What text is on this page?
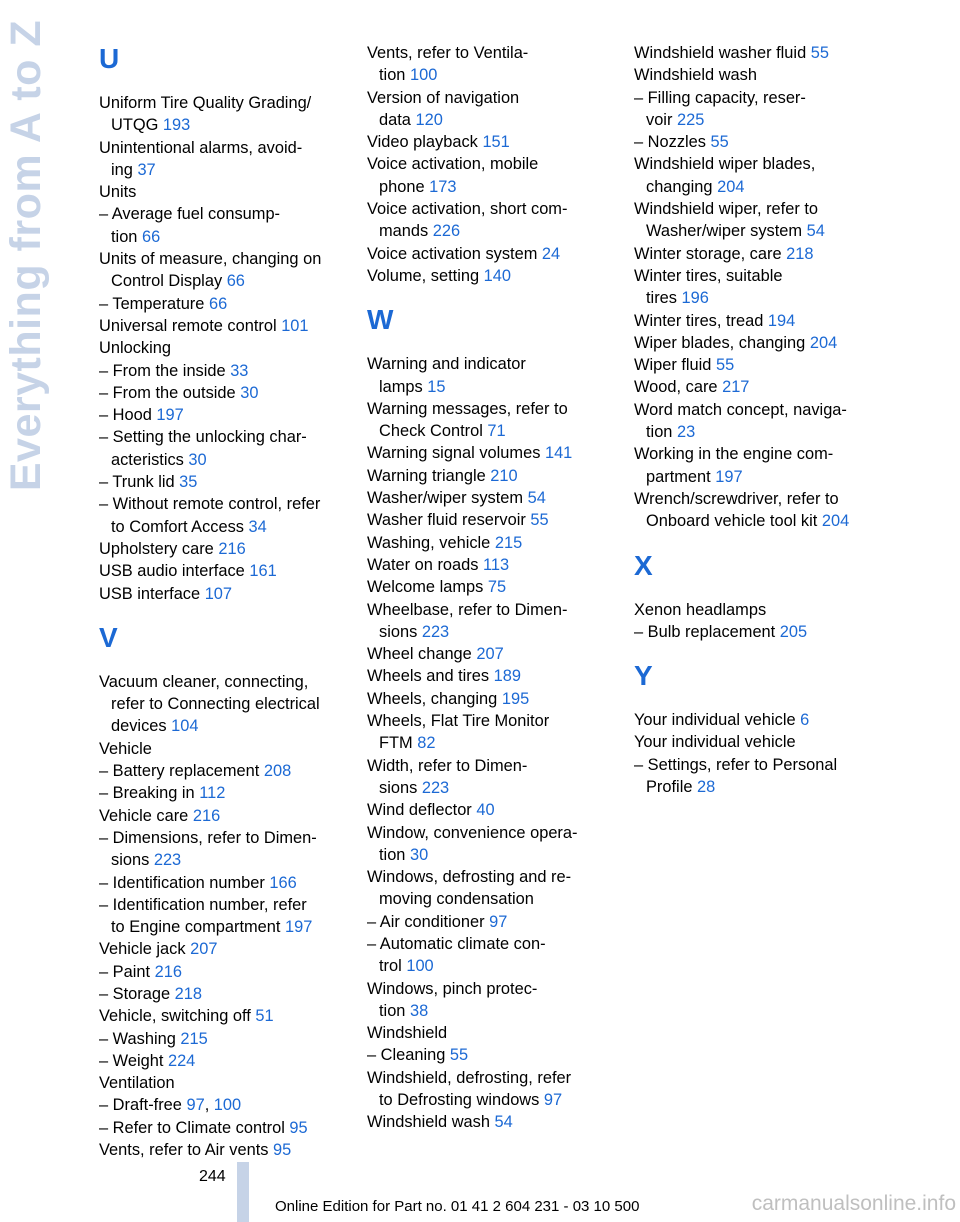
Everything from A to Z U
Uniform Tire Quality Grading/
UTQG 193
Unintentional alarms, avoid-
ing 37
Units
– Average fuel consump-
tion 66
Units of measure, changing on
Control Display 66
– Temperature 66
Universal remote control 101
Unlocking
– From the inside 33
– From the outside 30
– Hood 197
– Setting the unlocking char-
acteristics 30
– Trunk lid 35
– Without remote control, refer
to Comfort Access 34
Upholstery care 216
USB audio interface 161
USB interface 107
V
Vacuum cleaner, connecting,
refer to Connecting electrical
devices 104
Vehicle
– Battery replacement 208
– Breaking in 112
Vehicle care 216
– Dimensions, refer to Dimen-
sions 223
– Identification number 166
– Identification number, refer
to Engine compartment 197
Vehicle jack 207
– Paint 216
– Storage 218
Vehicle, switching off 51
– Washing 215
– Weight 224
Ventilation
– Draft-free 97, 100
– Refer to Climate control 95
Vents, refer to Air vents 95
Vents, refer to Ventila-
tion 100
Version of navigation
data 120
Video playback 151
Voice activation, mobile
phone 173
Voice activation, short com-
mands 226
Voice activation system 24
Volume, setting 140
W
Warning and indicator
lamps 15
Warning messages, refer to
Check Control 71
Warning signal volumes 141
Warning triangle 210
Washer/wiper system 54
Washer fluid reservoir 55
Washing, vehicle 215
Water on roads 113
Welcome lamps 75
Wheelbase, refer to Dimen-
sions 223
Wheel change 207
Wheels and tires 189
Wheels, changing 195
Wheels, Flat Tire Monitor
FTM 82
Width, refer to Dimen-
sions 223
Wind deflector 40
Window, convenience opera-
tion 30
Windows, defrosting and re-
moving condensation
– Air conditioner 97
– Automatic climate con-
trol 100
Windows, pinch protec-
tion 38
Windshield
– Cleaning 55
Windshield, defrosting, refer
to Defrosting windows 97
Windshield wash 54
Windshield washer fluid 55
Windshield wash
– Filling capacity, reser-
voir 225
– Nozzles 55
Windshield wiper blades,
changing 204
Windshield wiper, refer to
Washer/wiper system 54
Winter storage, care 218
Winter tires, suitable
tires 196
Winter tires, tread 194
Wiper blades, changing 204
Wiper fluid 55
Wood, care 217
Word match concept, naviga-
tion 23
Working in the engine com-
partment 197
Wrench/screwdriver, refer to
Onboard vehicle tool kit 204
X
Xenon headlamps
– Bulb replacement 205
Y
Your individual vehicle 6
Your individual vehicle
– Settings, refer to Personal
Profile 28
244
Online Edition for Part no. 01 41 2 604 231 - 03 10 500	carmanualsonline.info
